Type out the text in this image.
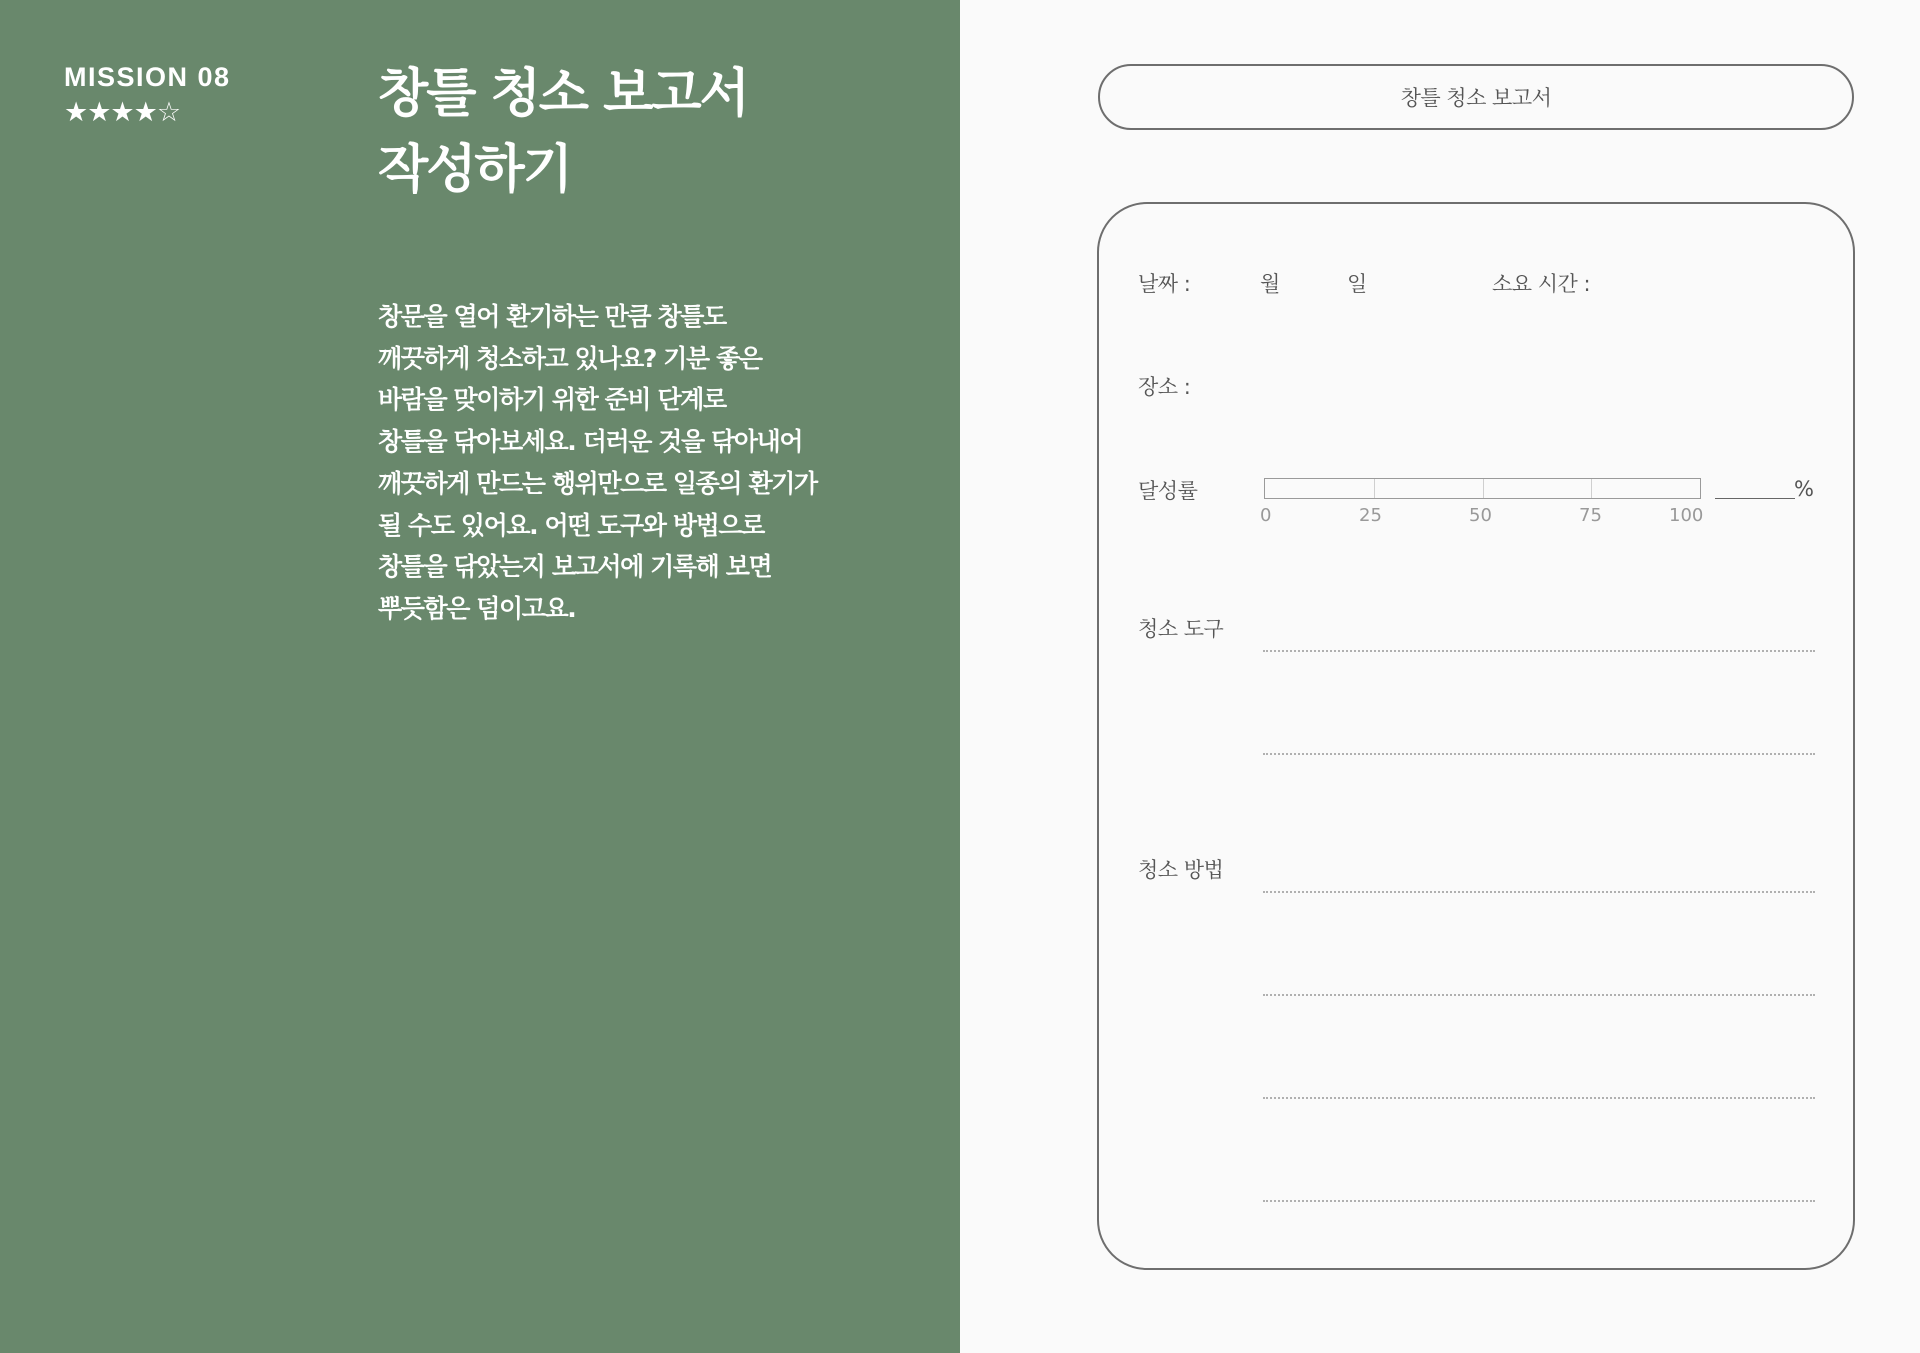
MISSION 08
★★★★☆	창틀 청소 보고서
작성하기
창문을 열어 환기하는 만큼 창틀도
깨끗하게 청소하고 있나요? 기분 좋은
바람을 맞이하기 위한 준비 단계로
창틀을 닦아보세요. 더러운 것을 닦아내어
깨끗하게 만드는 행위만으로 일종의 환기가
될 수도 있어요. 어떤 도구와 방법으로
창틀을 닦았는지 보고서에 기록해 보면
뿌듯함은 덤이고요.
창틀 청소 보고서
날짜 :	월	일	소요 시간 :
장소 :
달성률
0	25	50	75	100
%
청소 도구
청소 방법
